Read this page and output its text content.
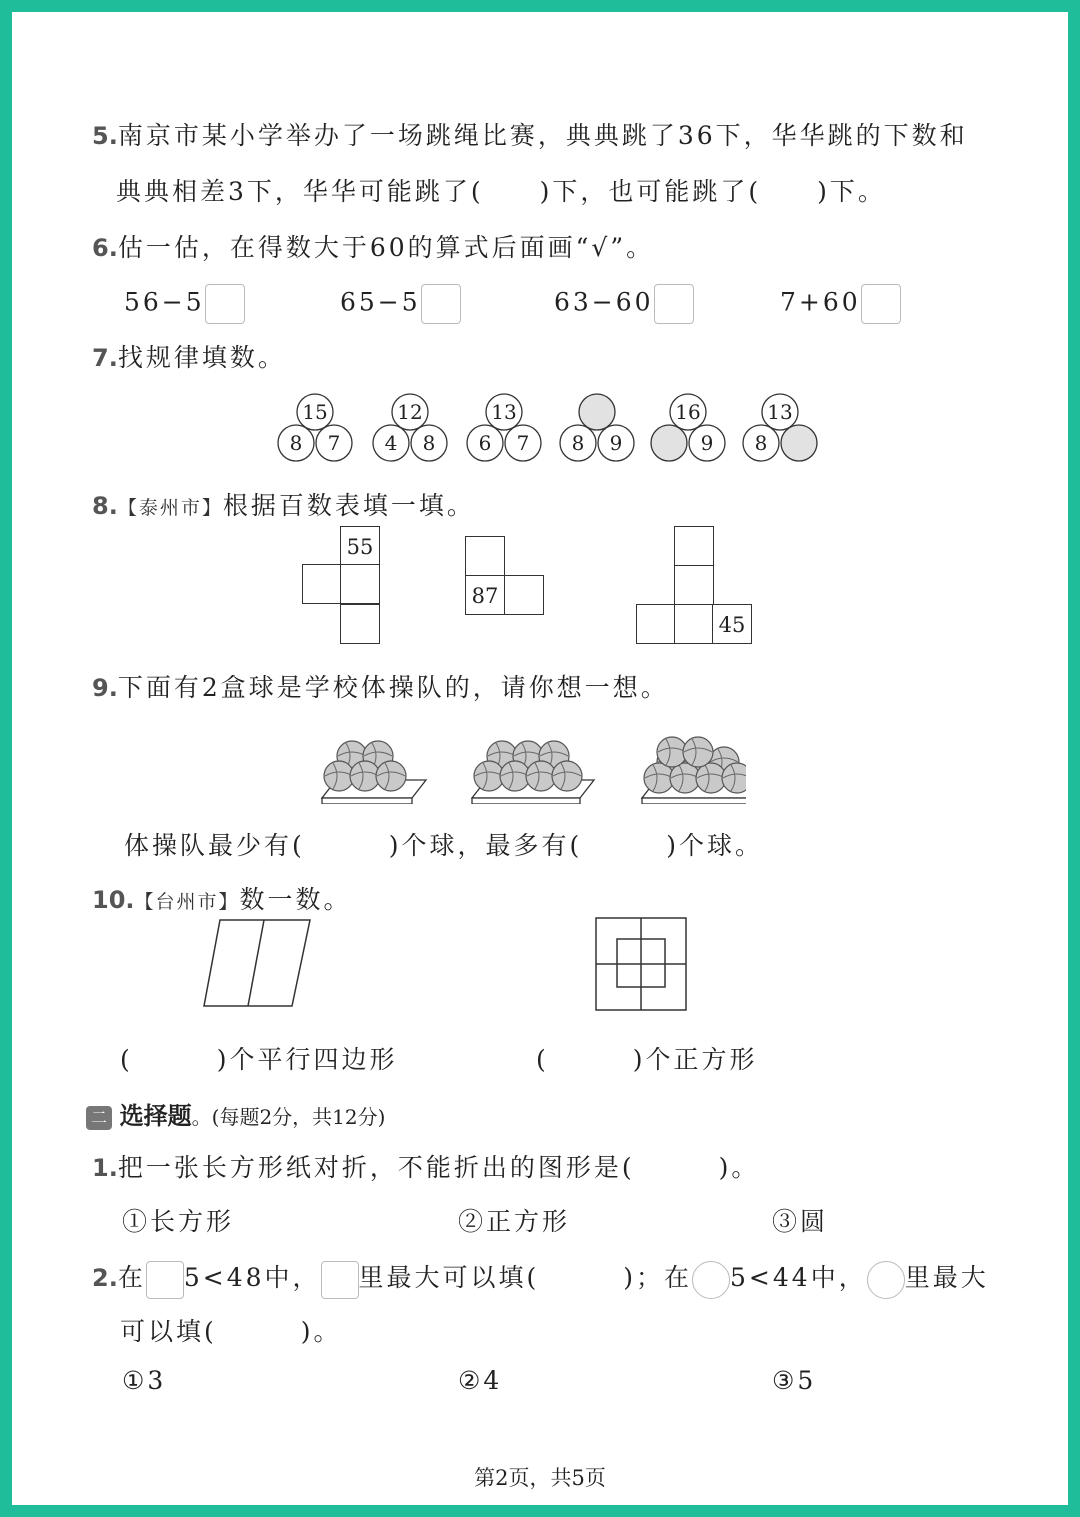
5.南京市某小学举办了一场跳绳比赛，典典跳了36下，华华跳的下数和
典典相差3下，华华可能跳了(　　)下，也可能跳了(　　)下。
6.估一估，在得数大于60的算式后面画“√”。
56−5	65−5	63−60	7+60
7.找规律填数。
15
8 7
12
4 8
13
6 7 8 9
16
9
13
8
8.【泰州市】根据百数表填一填。
55
87
45
9.下面有2盒球是学校体操队的，请你想一想。
体操队最少有(　　　)个球，最多有(　　　)个球。
10.【台州市】数一数。
(　　　)个平行四边形	(　　　)个正方形
二 选择题。(每题2分，共12分)
1.把一张长方形纸对折，不能折出的图形是(　　　)。
①长方形	②正方形	③圆
2.在 5<48中， 里最大可以填(　　　)；在 5<44中， 里最大
可以填(　　　)。
①3	②4	③5
第2页，共5页
